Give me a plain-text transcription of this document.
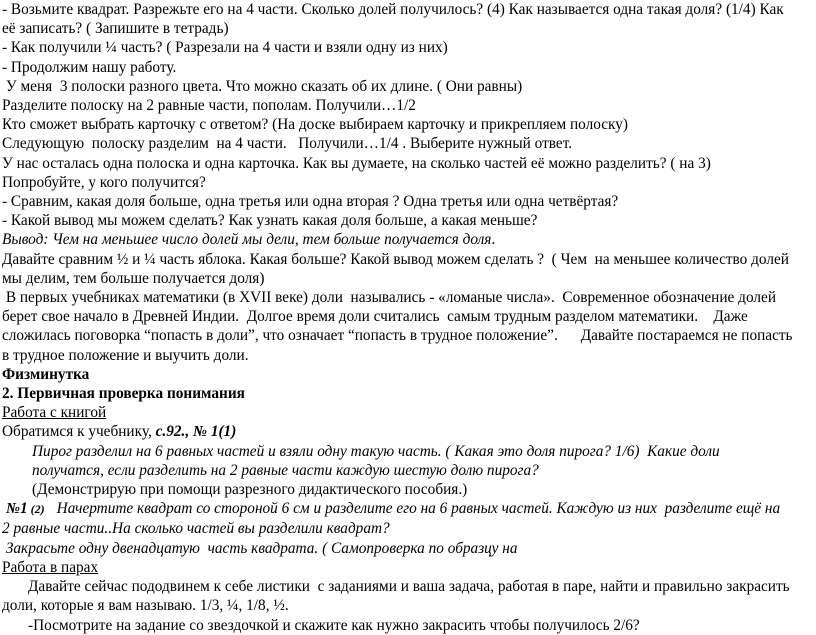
- Возьмите квадрат. Разрежьте его на 4 части. Сколько долей получилось? (4) Как называется одна такая доля? (1/4) Как
её записать? ( Запишите в тетрадь)
- Как получили ¼ часть? ( Разрезали на 4 части и взяли одну из них)
- Продолжим нашу работу.
У меня  3 полоски разного цвета. Что можно сказать об их длине. ( Они равны)
Разделите полоску на 2 равные части, пополам. Получили…1/2
Кто сможет выбрать карточку с ответом? (На доске выбираем карточку и прикрепляем полоску)
Следующую  полоску разделим  на 4 части.   Получили…1/4 . Выберите нужный ответ.
У нас осталась одна полоска и одна карточка. Как вы думаете, на сколько частей её можно разделить? ( на 3)
Попробуйте, у кого получится?
- Сравним, какая доля больше, одна третья или одна вторая ? Одна третья или одна четвёртая?
- Какой вывод мы можем сделать? Как узнать какая доля больше, а какая меньше?
Вывод: Чем на меньшее число долей мы дели, тем больше получается доля.
Давайте сравним ½ и ¼ часть яблока. Какая больше? Какой вывод можем сделать ?  ( Чем  на меньшее количество долей
мы делим, тем больше получается доля)
В первых учебниках математики (в XVII веке) доли  назывались - «ломаные числа».  Современное обозначение долей
берет свое начало в Древней Индии.  Долгое время доли считались  самым трудным разделом математики.    Даже
сложилась поговорка “попасть в доли”, что означает “попасть в трудное положение”.      Давайте постараемся не попасть
в трудное положение и выучить доли.
Физминутка
2. Первичная проверка понимания
Работа с книгой
Обратимся к учебнику, с.92., № 1(1)
Пирог разделил на 6 равных частей и взяли одну такую часть. ( Какая это доля пирога? 1/6)  Какие доли
получатся, если разделить на 2 равные части каждую шестую долю пирога?
(Демонстрирую при помощи разрезного дидактического пособия.)
№1 (2) Начертите квадрат со стороной 6 см и разделите его на 6 равных частей. Каждую из них  разделите ещё на
2 равные части..На сколько частей вы разделили квадрат?
Закрасьте одну двенадцатую  часть квадрата. ( Самопроверка по образцу на
Работа в парах
Давайте сейчас пододвинем к себе листики  с заданиями и ваша задача, работая в паре, найти и правильно закрасить
доли, которые я вам называю. 1/3, ¼, 1/8, ½.
-Посмотрите на задание со звездочкой и скажите как нужно закрасить чтобы получилось 2/6?
